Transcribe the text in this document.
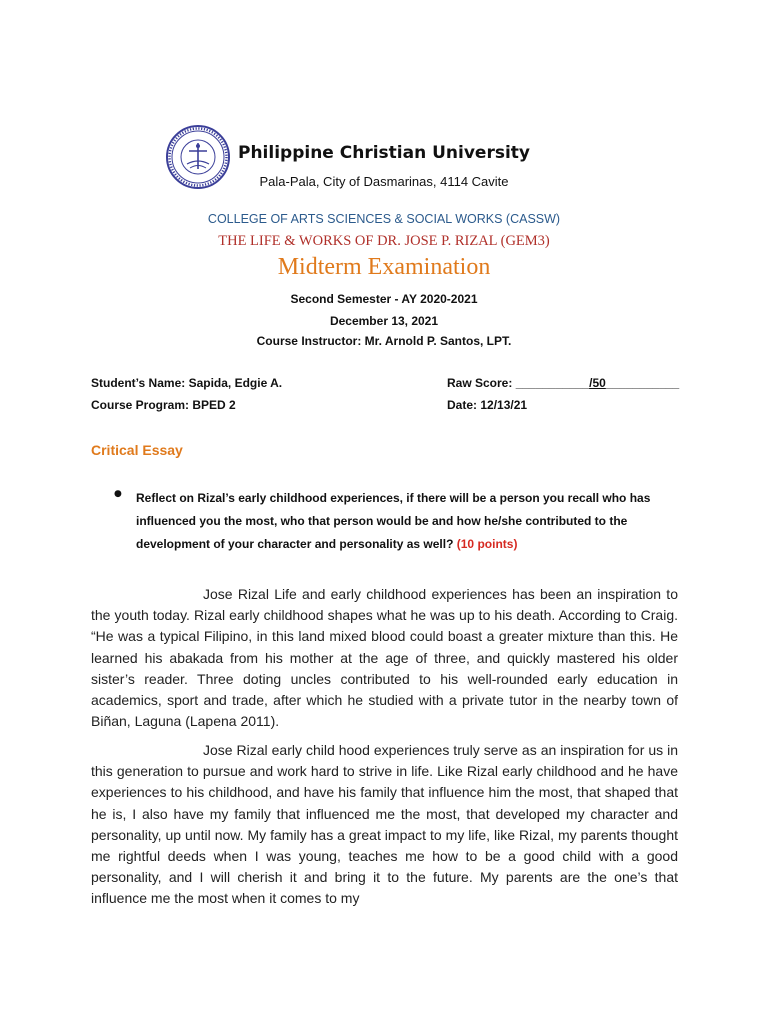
Philippine Christian University
Pala-Pala, City of Dasmarinas, 4114 Cavite
COLLEGE OF ARTS SCIENCES & SOCIAL WORKS (CASSW)
THE LIFE & WORKS OF DR. JOSE P. RIZAL (GEM3)
Midterm Examination
Second Semester - AY 2020-2021
December 13, 2021
Course Instructor: Mr. Arnold P. Santos, LPT.
Student’s Name: Sapida, Edgie A.
Course Program: BPED 2
Raw Score: ___________/50___________
Date: 12/13/21
Critical Essay
● Reflect on Rizal’s early childhood experiences, if there will be a person you recall who has influenced you the most, who that person would be and how he/she contributed to the development of your character and personality as well? (10 points)

Jose Rizal Life and early childhood experiences has been an inspiration to the youth today. Rizal early childhood shapes what he was up to his death. According to Craig. “He was a typical Filipino, in this land mixed blood could boast a greater mixture than this. He learned his abakada from his mother at the age of three, and quickly mastered his older sister’s reader. Three doting uncles contributed to his well-rounded early education in academics, sport and trade, after which he studied with a private tutor in the nearby town of Biñan, Laguna (Lapena 2011).

Jose Rizal early child hood experiences truly serve as an inspiration for us in this generation to pursue and work hard to strive in life. Like Rizal early childhood and he have experiences to his childhood, and have his family that influence him the most, that shaped that he is, I also have my family that influenced me the most, that developed my character and personality, up until now. My family has a great impact to my life, like Rizal, my parents thought me rightful deeds when I was young, teaches me how to be a good child with a good personality, and I will cherish it and bring it to the future. My parents are the one’s that influence me the most when it comes to my
